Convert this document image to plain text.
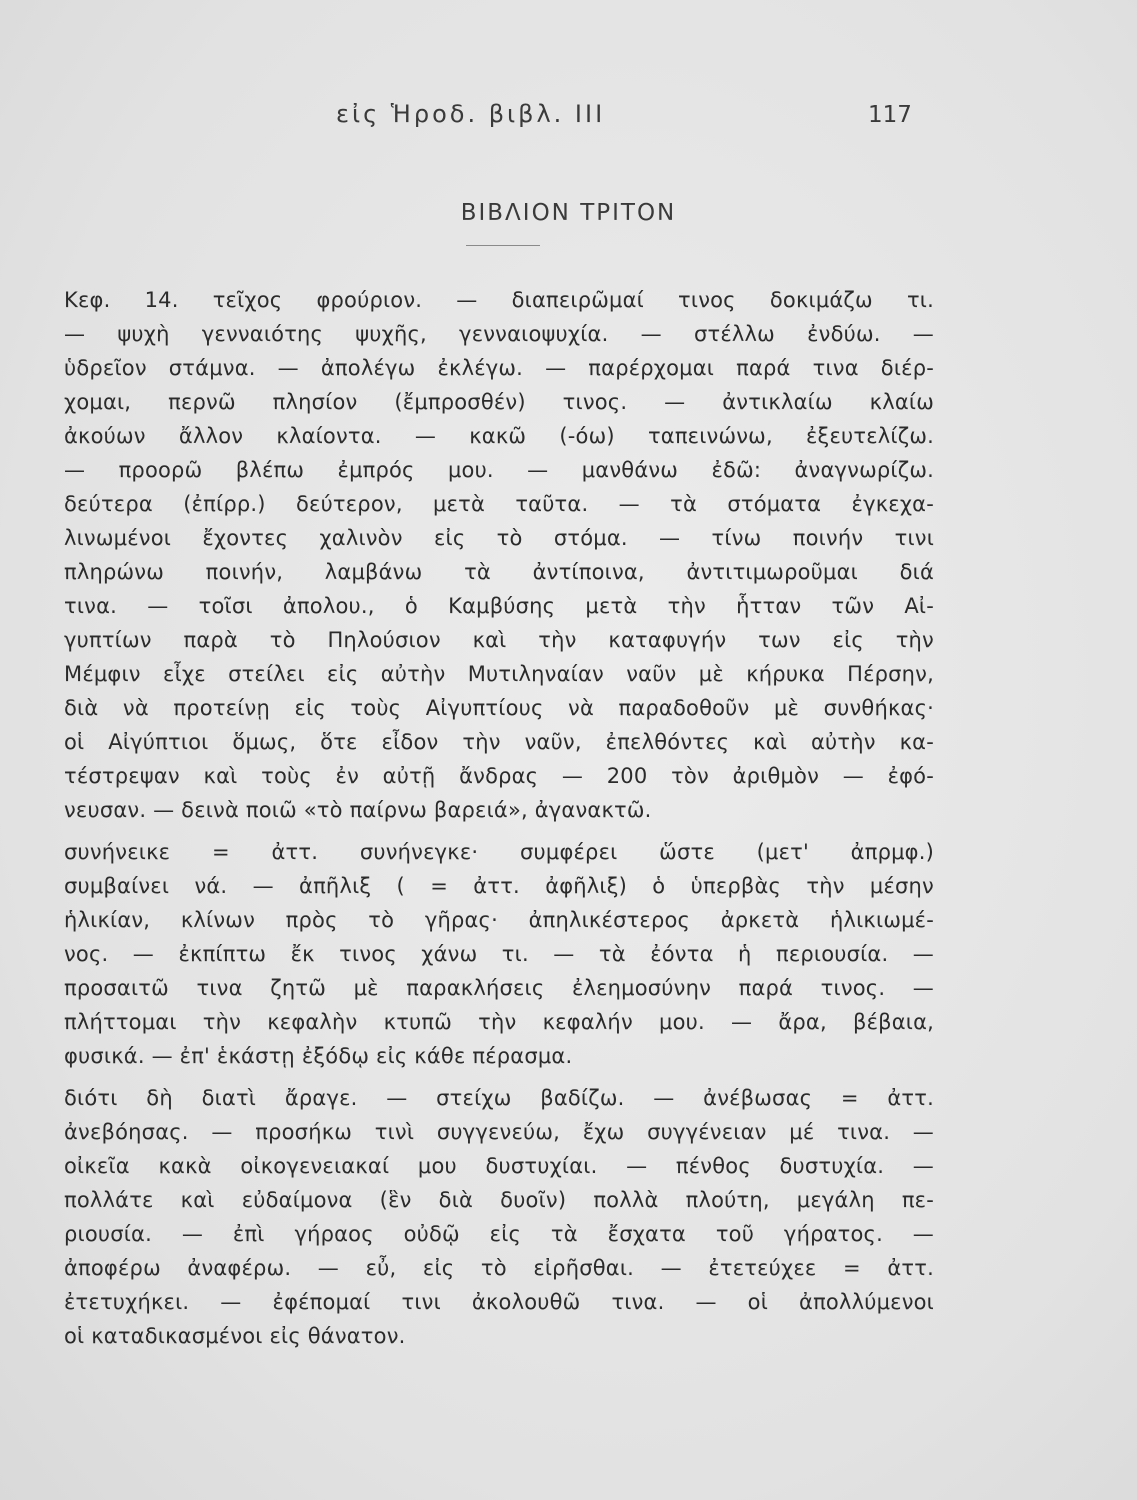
εἰς Ἡροδ. βιβλ. ΙΙΙ	117
ΒΙΒΛΙΟΝ ΤΡΙΤΟΝ
Κεφ. 14. τεῖχος φρούριον. — διαπειρῶμαί τινος δοκιμάζω τι.
— ψυχὴ γενναιότης ψυχῆς, γενναιοψυχία. — στέλλω ἐνδύω. —
ὑδρεῖον στάμνα. — ἀπολέγω ἐκλέγω. — παρέρχομαι παρά τινα διέρ-
χομαι, περνῶ πλησίον (ἔμπροσθέν) τινος. — ἀντικλαίω κλαίω
ἀκούων ἄλλον κλαίοντα. — κακῶ (-όω) ταπεινώνω, ἐξευτελίζω.
— προορῶ βλέπω ἐμπρός μου. — μανθάνω ἐδῶ: ἀναγνωρίζω.
δεύτερα (ἐπίρρ.) δεύτερον, μετὰ ταῦτα. — τὰ στόματα ἐγκεχα-
λινωμένοι ἔχοντες χαλινὸν εἰς τὸ στόμα. — τίνω ποινήν τινι
πληρώνω ποινήν, λαμβάνω τὰ ἀντίποινα, ἀντιτιμωροῦμαι διά
τινα. — τοῖσι ἀπολου., ὁ Καμβύσης μετὰ τὴν ἧτταν τῶν Αἰ-
γυπτίων παρὰ τὸ Πηλούσιον καὶ τὴν καταφυγήν των εἰς τὴν
Μέμφιν εἶχε στείλει εἰς αὐτὴν Μυτιληναίαν ναῦν μὲ κήρυκα Πέρσην,
διὰ νὰ προτείνῃ εἰς τοὺς Αἰγυπτίους νὰ παραδοθοῦν μὲ συνθήκας·
οἱ Αἰγύπτιοι ὅμως, ὅτε εἶδον τὴν ναῦν, ἐπελθόντες καὶ αὐτὴν κα-
τέστρεψαν καὶ τοὺς ἐν αὐτῇ ἄνδρας — 200 τὸν ἀριθμὸν — ἐφό-
νευσαν. — δεινὰ ποιῶ «τὸ παίρνω βαρειά», ἀγανακτῶ.
συνήνεικε = ἀττ. συνήνεγκε· συμφέρει ὥστε (μετ' ἀπρμφ.)
συμβαίνει νά. — ἀπῆλιξ ( = ἀττ. ἀφῆλιξ) ὁ ὑπερβὰς τὴν μέσην
ἡλικίαν, κλίνων πρὸς τὸ γῆρας· ἀπηλικέστερος ἀρκετὰ ἡλικιωμέ-
νος. — ἐκπίπτω ἔκ τινος χάνω τι. — τὰ ἐόντα ἡ περιουσία. —
προσαιτῶ τινα ζητῶ μὲ παρακλήσεις ἐλεημοσύνην παρά τινος. —
πλήττομαι τὴν κεφαλὴν κτυπῶ τὴν κεφαλήν μου. — ἄρα, βέβαια,
φυσικά. — ἐπ' ἑκάστῃ ἐξόδῳ εἰς κάθε πέρασμα.
διότι δὴ διατὶ ἄραγε. — στείχω βαδίζω. — ἀνέβωσας = ἀττ.
ἀνεβόησας. — προσήκω τινὶ συγγενεύω, ἔχω συγγένειαν μέ τινα. —
οἰκεῖα κακὰ οἰκογενειακαί μου δυστυχίαι. — πένθος δυστυχία. —
πολλάτε καὶ εὐδαίμονα (ἓν διὰ δυοῖν) πολλὰ πλούτη, μεγάλη πε-
ριουσία. — ἐπὶ γήραος οὐδῷ εἰς τὰ ἔσχατα τοῦ γήρατος. —
ἀποφέρω ἀναφέρω. — εὖ, εἰς τὸ εἰρῆσθαι. — ἐτετεύχεε = ἀττ.
ἐτετυχήκει. — ἐφέπομαί τινι ἀκολουθῶ τινα. — οἱ ἀπολλύμενοι
οἱ καταδικασμένοι εἰς θάνατον.
